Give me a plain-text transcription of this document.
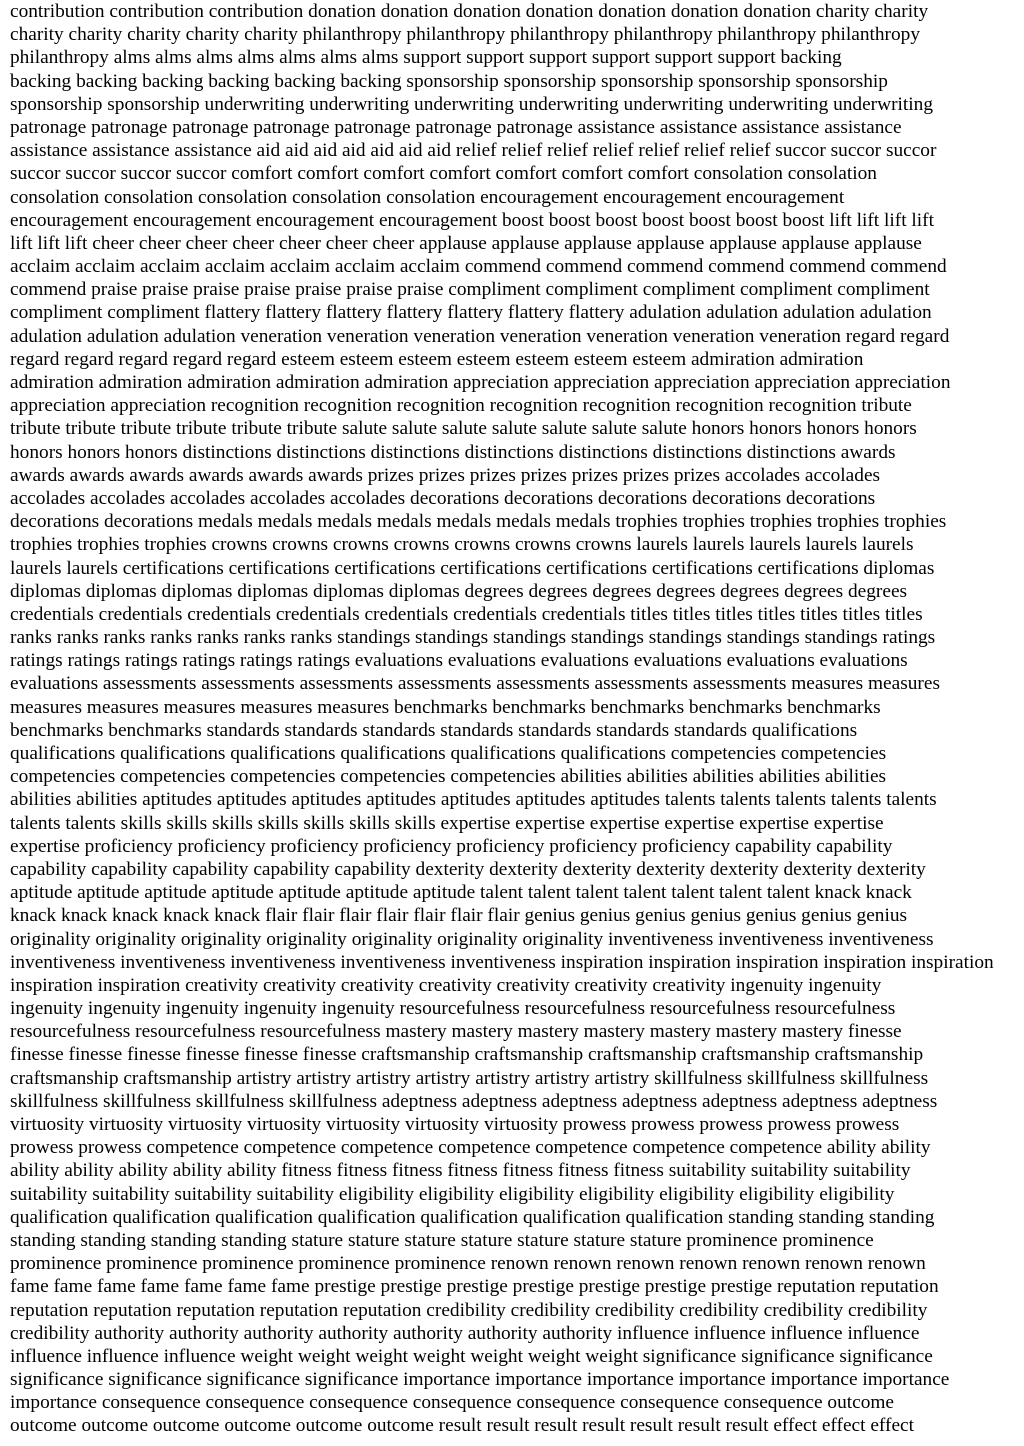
contribution contribution contribution donation donation donation donation donation donation donation charity charity
charity charity charity charity charity philanthropy philanthropy philanthropy philanthropy philanthropy philanthropy
philanthropy alms alms alms alms alms alms alms support support support support support support backing
backing backing backing backing backing backing sponsorship sponsorship sponsorship sponsorship sponsorship
sponsorship sponsorship underwriting underwriting underwriting underwriting underwriting underwriting underwriting
patronage patronage patronage patronage patronage patronage patronage assistance assistance assistance assistance
assistance assistance assistance aid aid aid aid aid aid aid relief relief relief relief relief relief relief succor succor succor
succor succor succor succor comfort comfort comfort comfort comfort comfort comfort consolation consolation
consolation consolation consolation consolation consolation encouragement encouragement encouragement
encouragement encouragement encouragement encouragement boost boost boost boost boost boost boost lift lift lift lift
lift lift lift cheer cheer cheer cheer cheer cheer cheer applause applause applause applause applause applause applause
acclaim acclaim acclaim acclaim acclaim acclaim acclaim commend commend commend commend commend commend
commend praise praise praise praise praise praise praise compliment compliment compliment compliment compliment
compliment compliment flattery flattery flattery flattery flattery flattery flattery adulation adulation adulation adulation
adulation adulation adulation veneration veneration veneration veneration veneration veneration veneration regard regard
regard regard regard regard regard esteem esteem esteem esteem esteem esteem esteem admiration admiration
admiration admiration admiration admiration admiration appreciation appreciation appreciation appreciation appreciation
appreciation appreciation recognition recognition recognition recognition recognition recognition recognition tribute
tribute tribute tribute tribute tribute tribute salute salute salute salute salute salute salute honors honors honors honors
honors honors honors distinctions distinctions distinctions distinctions distinctions distinctions distinctions awards
awards awards awards awards awards awards prizes prizes prizes prizes prizes prizes prizes accolades accolades
accolades accolades accolades accolades accolades decorations decorations decorations decorations decorations
decorations decorations medals medals medals medals medals medals medals trophies trophies trophies trophies trophies
trophies trophies trophies crowns crowns crowns crowns crowns crowns crowns laurels laurels laurels laurels laurels
laurels laurels certifications certifications certifications certifications certifications certifications certifications diplomas
diplomas diplomas diplomas diplomas diplomas diplomas degrees degrees degrees degrees degrees degrees degrees
credentials credentials credentials credentials credentials credentials credentials titles titles titles titles titles titles titles
ranks ranks ranks ranks ranks ranks ranks standings standings standings standings standings standings standings ratings
ratings ratings ratings ratings ratings ratings evaluations evaluations evaluations evaluations evaluations evaluations
evaluations assessments assessments assessments assessments assessments assessments assessments measures measures
measures measures measures measures measures benchmarks benchmarks benchmarks benchmarks benchmarks
benchmarks benchmarks standards standards standards standards standards standards standards qualifications
qualifications qualifications qualifications qualifications qualifications qualifications competencies competencies
competencies competencies competencies competencies competencies abilities abilities abilities abilities abilities
abilities abilities aptitudes aptitudes aptitudes aptitudes aptitudes aptitudes aptitudes talents talents talents talents talents
talents talents skills skills skills skills skills skills skills expertise expertise expertise expertise expertise expertise
expertise proficiency proficiency proficiency proficiency proficiency proficiency proficiency capability capability
capability capability capability capability capability dexterity dexterity dexterity dexterity dexterity dexterity dexterity
aptitude aptitude aptitude aptitude aptitude aptitude aptitude talent talent talent talent talent talent talent knack knack
knack knack knack knack knack flair flair flair flair flair flair flair genius genius genius genius genius genius genius
originality originality originality originality originality originality originality inventiveness inventiveness inventiveness
inventiveness inventiveness inventiveness inventiveness inventiveness inspiration inspiration inspiration inspiration inspiration
inspiration inspiration creativity creativity creativity creativity creativity creativity creativity ingenuity ingenuity
ingenuity ingenuity ingenuity ingenuity ingenuity resourcefulness resourcefulness resourcefulness resourcefulness
resourcefulness resourcefulness resourcefulness mastery mastery mastery mastery mastery mastery mastery finesse
finesse finesse finesse finesse finesse finesse craftsmanship craftsmanship craftsmanship craftsmanship craftsmanship
craftsmanship craftsmanship artistry artistry artistry artistry artistry artistry artistry skillfulness skillfulness skillfulness
skillfulness skillfulness skillfulness skillfulness adeptness adeptness adeptness adeptness adeptness adeptness adeptness
virtuosity virtuosity virtuosity virtuosity virtuosity virtuosity virtuosity prowess prowess prowess prowess prowess
prowess prowess competence competence competence competence competence competence competence ability ability
ability ability ability ability ability fitness fitness fitness fitness fitness fitness fitness suitability suitability suitability
suitability suitability suitability suitability eligibility eligibility eligibility eligibility eligibility eligibility eligibility
qualification qualification qualification qualification qualification qualification qualification standing standing standing
standing standing standing standing stature stature stature stature stature stature stature prominence prominence
prominence prominence prominence prominence prominence renown renown renown renown renown renown renown
fame fame fame fame fame fame fame prestige prestige prestige prestige prestige prestige prestige reputation reputation
reputation reputation reputation reputation reputation credibility credibility credibility credibility credibility credibility
credibility authority authority authority authority authority authority authority influence influence influence influence
influence influence influence weight weight weight weight weight weight weight significance significance significance
significance significance significance significance importance importance importance importance importance importance
importance consequence consequence consequence consequence consequence consequence consequence outcome
outcome outcome outcome outcome outcome outcome result result result result result result result effect effect effect
